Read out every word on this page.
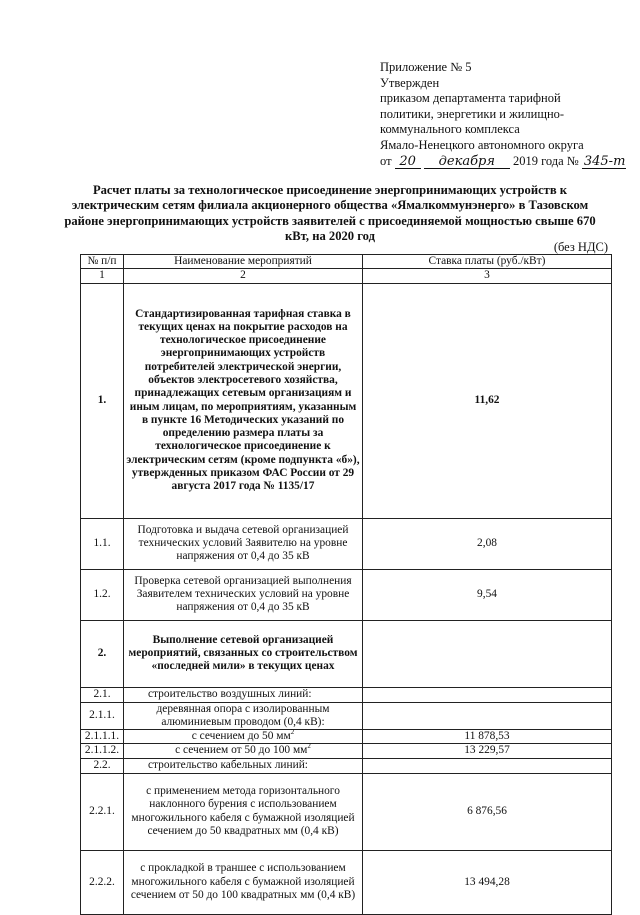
Приложение № 5
Утвержден
приказом департамента тарифной
политики, энергетики и жилищно-
коммунального комплекса
Ямало-Ненецкого автономного округа
от 20 декабря 2019 года № 345-т
Расчет платы за технологическое присоединение энергопринимающих устройств к электрическим сетям филиала акционерного общества «Ямалкоммунэнерго» в Тазовском районе энергопринимающих устройств заявителей с присоединяемой мощностью свыше 670 кВт, на 2020 год
(без НДС)
№ п/п	Наименование мероприятий	Ставка платы (руб./кВт)
1	2	3
1.	Стандартизированная тарифная ставка в текущих ценах на покрытие расходов на технологическое присоединение энергопринимающих устройств потребителей электрической энергии, объектов электросетевого хозяйства, принадлежащих сетевым организациям и иным лицам, по мероприятиям, указанным в пункте 16 Методических указаний по определению размера платы за технологическое присоединение к электрическим сетям (кроме подпункта «б»), утвержденных приказом ФАС России от 29 августа 2017 года № 1135/17	11,62
1.1.	Подготовка и выдача сетевой организацией технических условий Заявителю на уровне напряжения от 0,4 до 35 кВ	2,08
1.2.	Проверка сетевой организацией выполнения Заявителем технических условий на уровне напряжения от 0,4 до 35 кВ	9,54
2.	Выполнение сетевой организацией мероприятий, связанных со строительством «последней мили» в текущих ценах	
2.1.	строительство воздушных линий:	
2.1.1.	деревянная опора с изолированным алюминиевым проводом (0,4 кВ):	
2.1.1.1.	с сечением до 50 $мм^2$	11 878,53
2.1.1.2.	с сечением от 50 до 100 $мм^2$	13 229,57
2.2.	строительство кабельных линий:	
2.2.1.	с применением метода горизонтального наклонного бурения с использованием многожильного кабеля с бумажной изоляцией сечением до 50 квадратных мм (0,4 кВ)	6 876,56
2.2.2.	с прокладкой в траншее с использованием многожильного кабеля с бумажной изоляцией сечением от 50 до 100 квадратных мм (0,4 кВ)	13 494,28
